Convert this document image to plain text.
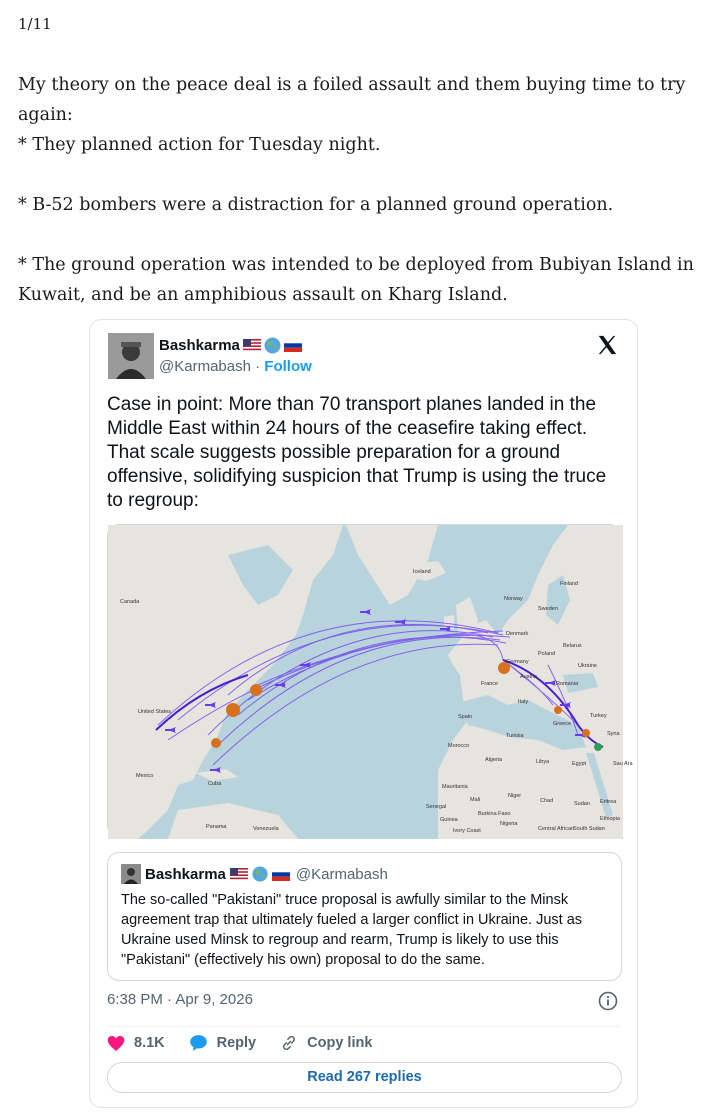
1/11

My theory on the peace deal is a foiled assault and them buying time to try again:

* They planned action for Tuesday night.

* B-52 bombers were a distraction for a planned ground operation.

* The ground operation was intended to be deployed from Bubiyan Island in Kuwait, and be an amphibious assault on Kharg Island.

Bashkarma
@Karmabash · Follow

Case in point: More than 70 transport planes landed in the Middle East within 24 hours of the ceasefire taking effect. That scale suggests possible preparation for a ground offensive, solidifying suspicion that Trump is using the truce to regroup:

Canada
United States
Mexico
Iceland
Finland
Sweden
Norway
Denmark
Poland
Germany
Belarus
Ukraine
France
Austria
Romania
Italy
Spain	Turkey
Syria
Greece
Morocco
Tunisia
Algeria	Libya	Egypt	Sau Ara
Mali
Niger
Chad	Sudan
Nigeria
Ethiopia
Eritrea
Cuba
Venezuela
Panama
Mauritania
Senegal
Guinea
Burkina Faso
Ivory Coast	Central African
South Sudan
Bashkarma	@Karmabash

The so-called "Pakistani" truce proposal is awfully similar to the Minsk agreement trap that ultimately fueled a larger conflict in Ukraine. Just as Ukraine used Minsk to regroup and rearm, Trump is likely to use this "Pakistani" (effectively his own) proposal to do the same.

6:38 PM · Apr 9, 2026
8.1K	Reply	Copy link
Read 267 replies
